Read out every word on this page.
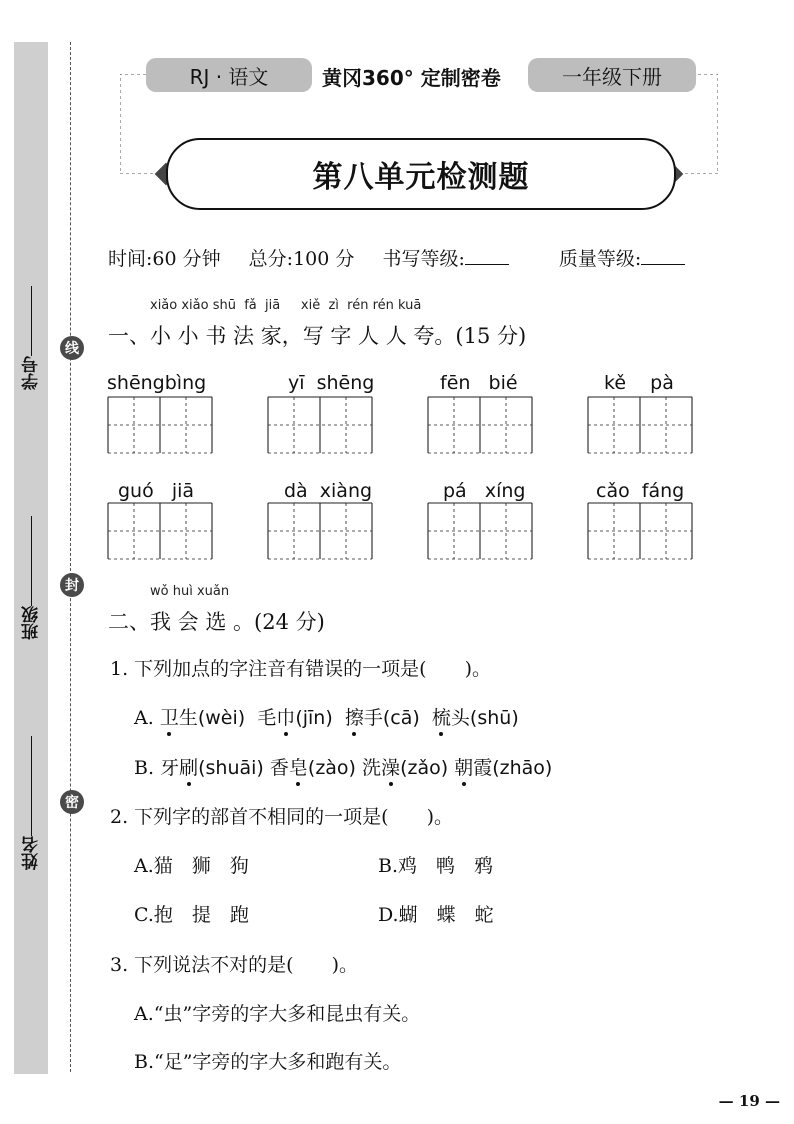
学号
班级
姓名
线
封
密
RJ · 语文	黄冈360° 定制密卷	一年级下册
第八单元检测题
时间:60 分钟 总分:100 分 书写等级:	质量等级:
xiǎo xiǎo shū  fǎ  jiā     xiě  zì  rén rén kuā
一、小 小 书 法 家，写 字 人 人 夸。(15 分)
shēngbìng	yī  shēng	fēn   bié	kě    pà
guó   jiā	dà  xiàng	pá   xíng	cǎo  fáng
wǒ huì xuǎn
二、我 会 选 。(24 分)
1. 下列加点的字注音有错误的一项是(　　)。
A. 卫生(wèi) 毛巾(jīn) 擦手(cā) 梳头(shū)
B. 牙刷(shuāi) 香皂(zào) 洗澡(zǎo) 朝霞(zhāo)
2. 下列字的部首不相同的一项是(　　)。
A.猫　狮　狗	B.鸡　鸭　鸦
C.抱　提　跑	D.蝴　蝶　蛇
3. 下列说法不对的是(　　)。
A.“虫”字旁的字大多和昆虫有关。
B.“足”字旁的字大多和跑有关。
— 19 —
